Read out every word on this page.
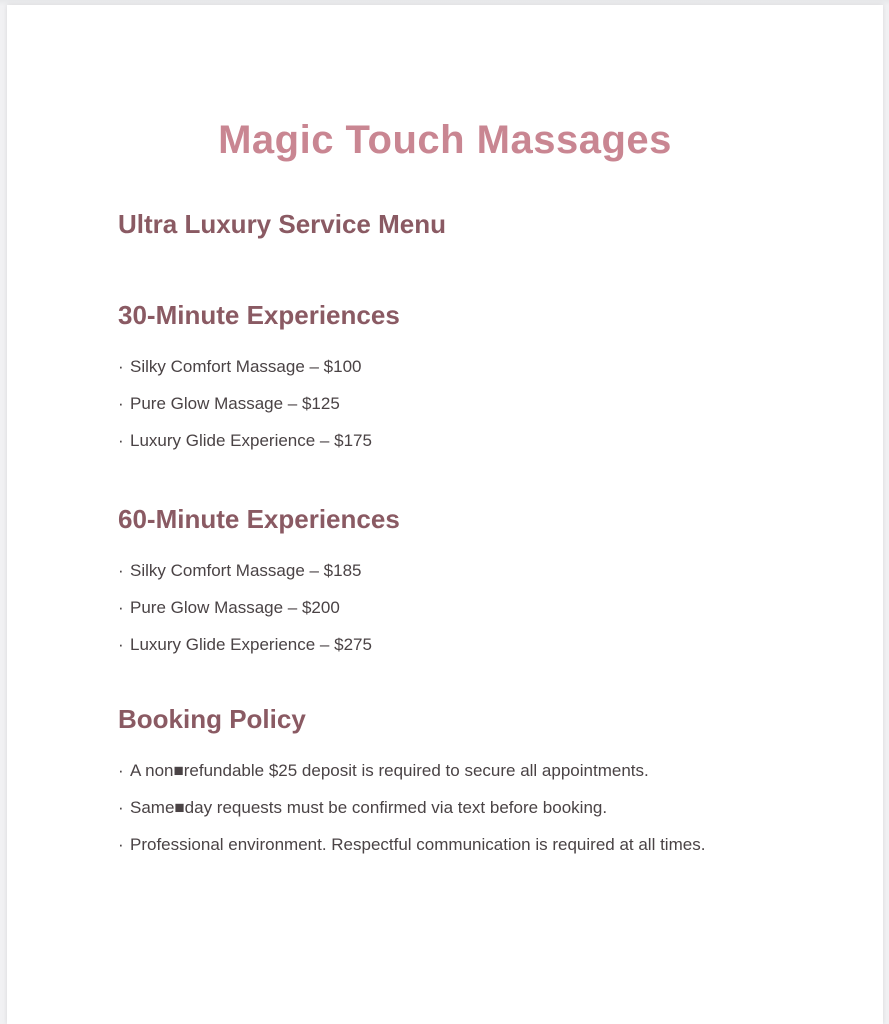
Magic Touch Massages
Ultra Luxury Service Menu
30-Minute Experiences
· Silky Comfort Massage – $100
· Pure Glow Massage – $125
· Luxury Glide Experience – $175
60-Minute Experiences
· Silky Comfort Massage – $185
· Pure Glow Massage – $200
· Luxury Glide Experience – $275
Booking Policy
· A non■refundable $25 deposit is required to secure all appointments.
· Same■day requests must be confirmed via text before booking.
· Professional environment. Respectful communication is required at all times.
